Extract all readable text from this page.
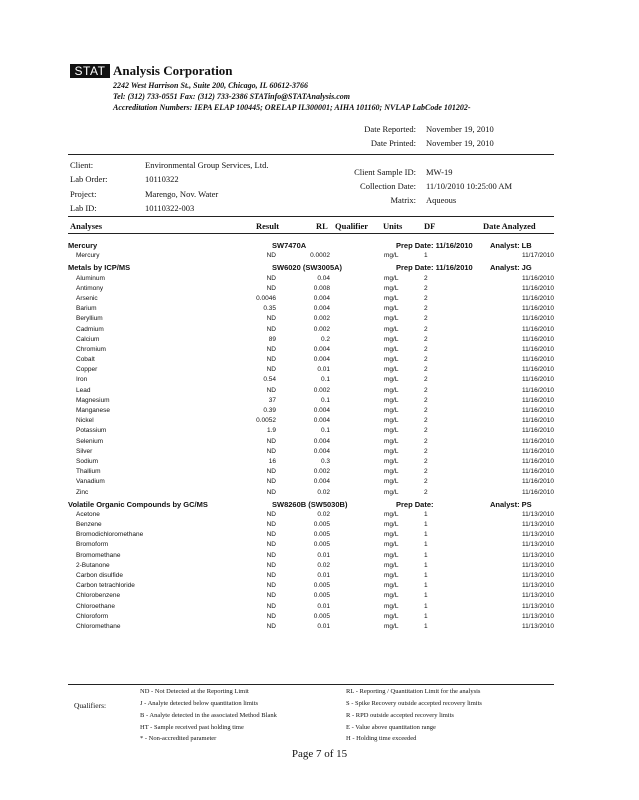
STAT Analysis Corporation
2242 West Harrison St., Suite 200, Chicago, IL 60612-3766
Tel: (312) 733-0551 Fax: (312) 733-2386 STATinfo@STATAnalysis.com
Accreditation Numbers: IEPA ELAP 100445; ORELAP IL300001; AIHA 101160; NVLAP LabCode 101202-
Date Reported: November 19, 2010
Date Printed: November 19, 2010
Client:	Environmental Group Services, Ltd.
Lab Order:	10110322
Project:	Marengo, Nov. Water
Lab ID:	10110322-003
Client Sample ID: MW-19
Collection Date: 11/10/2010 10:25:00 AM
Matrix: Aqueous
Analyses	Result	RL Qualifier Units	DF	Date Analyzed
Mercury	SW7470A	Prep Date: 11/16/2010 Analyst: LB
Mercury	ND	0.0002	mg/L	1	11/17/2010
Metals by ICP/MS	SW6020 (SW3005A)	Prep Date: 11/16/2010 Analyst: JG
Aluminum	ND	0.04	mg/L	2	11/16/2010
Antimony	ND	0.008	mg/L	2	11/16/2010
Arsenic	0.0046	0.004	mg/L	2	11/16/2010
Barium	0.35	0.004	mg/L	2	11/16/2010
Beryllium	ND	0.002	mg/L	2	11/16/2010
Cadmium	ND	0.002	mg/L	2	11/16/2010
Calcium	89	0.2	mg/L	2	11/16/2010
Chromium	ND	0.004	mg/L	2	11/16/2010
Cobalt	ND	0.004	mg/L	2	11/16/2010
Copper	ND	0.01	mg/L	2	11/16/2010
Iron	0.54	0.1	mg/L	2	11/16/2010
Lead	ND	0.002	mg/L	2	11/16/2010
Magnesium	37	0.1	mg/L	2	11/16/2010
Manganese	0.39	0.004	mg/L	2	11/16/2010
Nickel	0.0052	0.004	mg/L	2	11/16/2010
Potassium	1.9	0.1	mg/L	2	11/16/2010
Selenium	ND	0.004	mg/L	2	11/16/2010
Silver	ND	0.004	mg/L	2	11/16/2010
Sodium	16	0.3	mg/L	2	11/16/2010
Thallium	ND	0.002	mg/L	2	11/16/2010
Vanadium	ND	0.004	mg/L	2	11/16/2010
Zinc	ND	0.02	mg/L	2	11/16/2010
Volatile Organic Compounds by GC/MS	SW8260B (SW5030B)	Prep Date:	Analyst: PS
Acetone	ND	0.02	mg/L	1	11/13/2010
Benzene	ND	0.005	mg/L	1	11/13/2010
Bromodichloromethane	ND	0.005	mg/L	1	11/13/2010
Bromoform	ND	0.005	mg/L	1	11/13/2010
Bromomethane	ND	0.01	mg/L	1	11/13/2010
2-Butanone	ND	0.02	mg/L	1	11/13/2010
Carbon disulfide	ND	0.01	mg/L	1	11/13/2010
Carbon tetrachloride	ND	0.005	mg/L	1	11/13/2010
Chlorobenzene	ND	0.005	mg/L	1	11/13/2010
Chloroethane	ND	0.01	mg/L	1	11/13/2010
Chloroform	ND	0.005	mg/L	1	11/13/2010
Chloromethane	ND	0.01	mg/L	1	11/13/2010
Qualifiers:
ND - Not Detected at the Reporting Limit
J - Analyte detected below quantitation limits
B - Analyte detected in the associated Method Blank
HT - Sample received past holding time
* - Non-accredited parameter
RL - Reporting / Quantitation Limit for the analysis
S - Spike Recovery outside accepted recovery limits
R - RPD outside accepted recovery limits
E - Value above quantitation range
H - Holding time exceeded
Page 7 of 15
